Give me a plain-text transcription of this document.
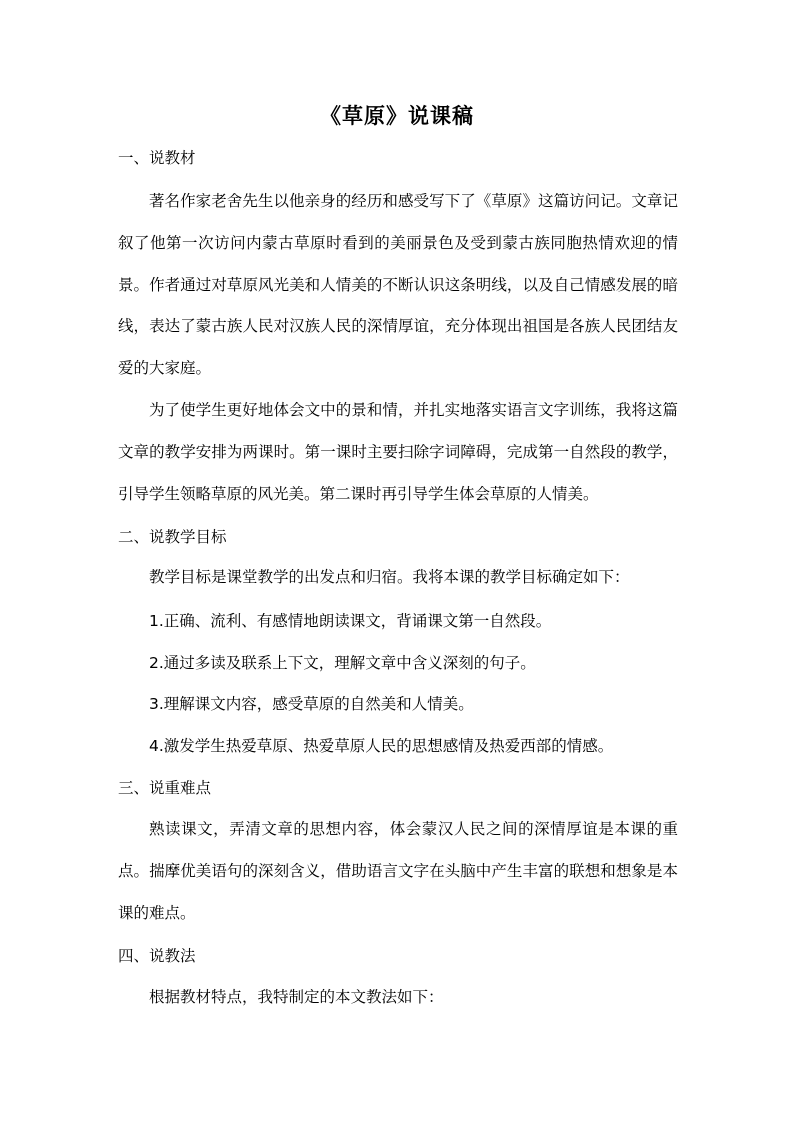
《草原》说课稿
一、说教材
著名作家老舍先生以他亲身的经历和感受写下了《草原》这篇访问记。文章记叙了他第一次访问内蒙古草原时看到的美丽景色及受到蒙古族同胞热情欢迎的情景。作者通过对草原风光美和人情美的不断认识这条明线，以及自己情感发展的暗线，表达了蒙古族人民对汉族人民的深情厚谊，充分体现出祖国是各族人民团结友爱的大家庭。
为了使学生更好地体会文中的景和情，并扎实地落实语言文字训练，我将这篇文章的教学安排为两课时。第一课时主要扫除字词障碍，完成第一自然段的教学，引导学生领略草原的风光美。第二课时再引导学生体会草原的人情美。
二、说教学目标
教学目标是课堂教学的出发点和归宿。我将本课的教学目标确定如下：
1.正确、流利、有感情地朗读课文，背诵课文第一自然段。
2.通过多读及联系上下文，理解文章中含义深刻的句子。
3.理解课文内容，感受草原的自然美和人情美。
4.激发学生热爱草原、热爱草原人民的思想感情及热爱西部的情感。
三、说重难点
熟读课文，弄清文章的思想内容，体会蒙汉人民之间的深情厚谊是本课的重点。揣摩优美语句的深刻含义，借助语言文字在头脑中产生丰富的联想和想象是本课的难点。
四、说教法
根据教材特点，我特制定的本文教法如下：
